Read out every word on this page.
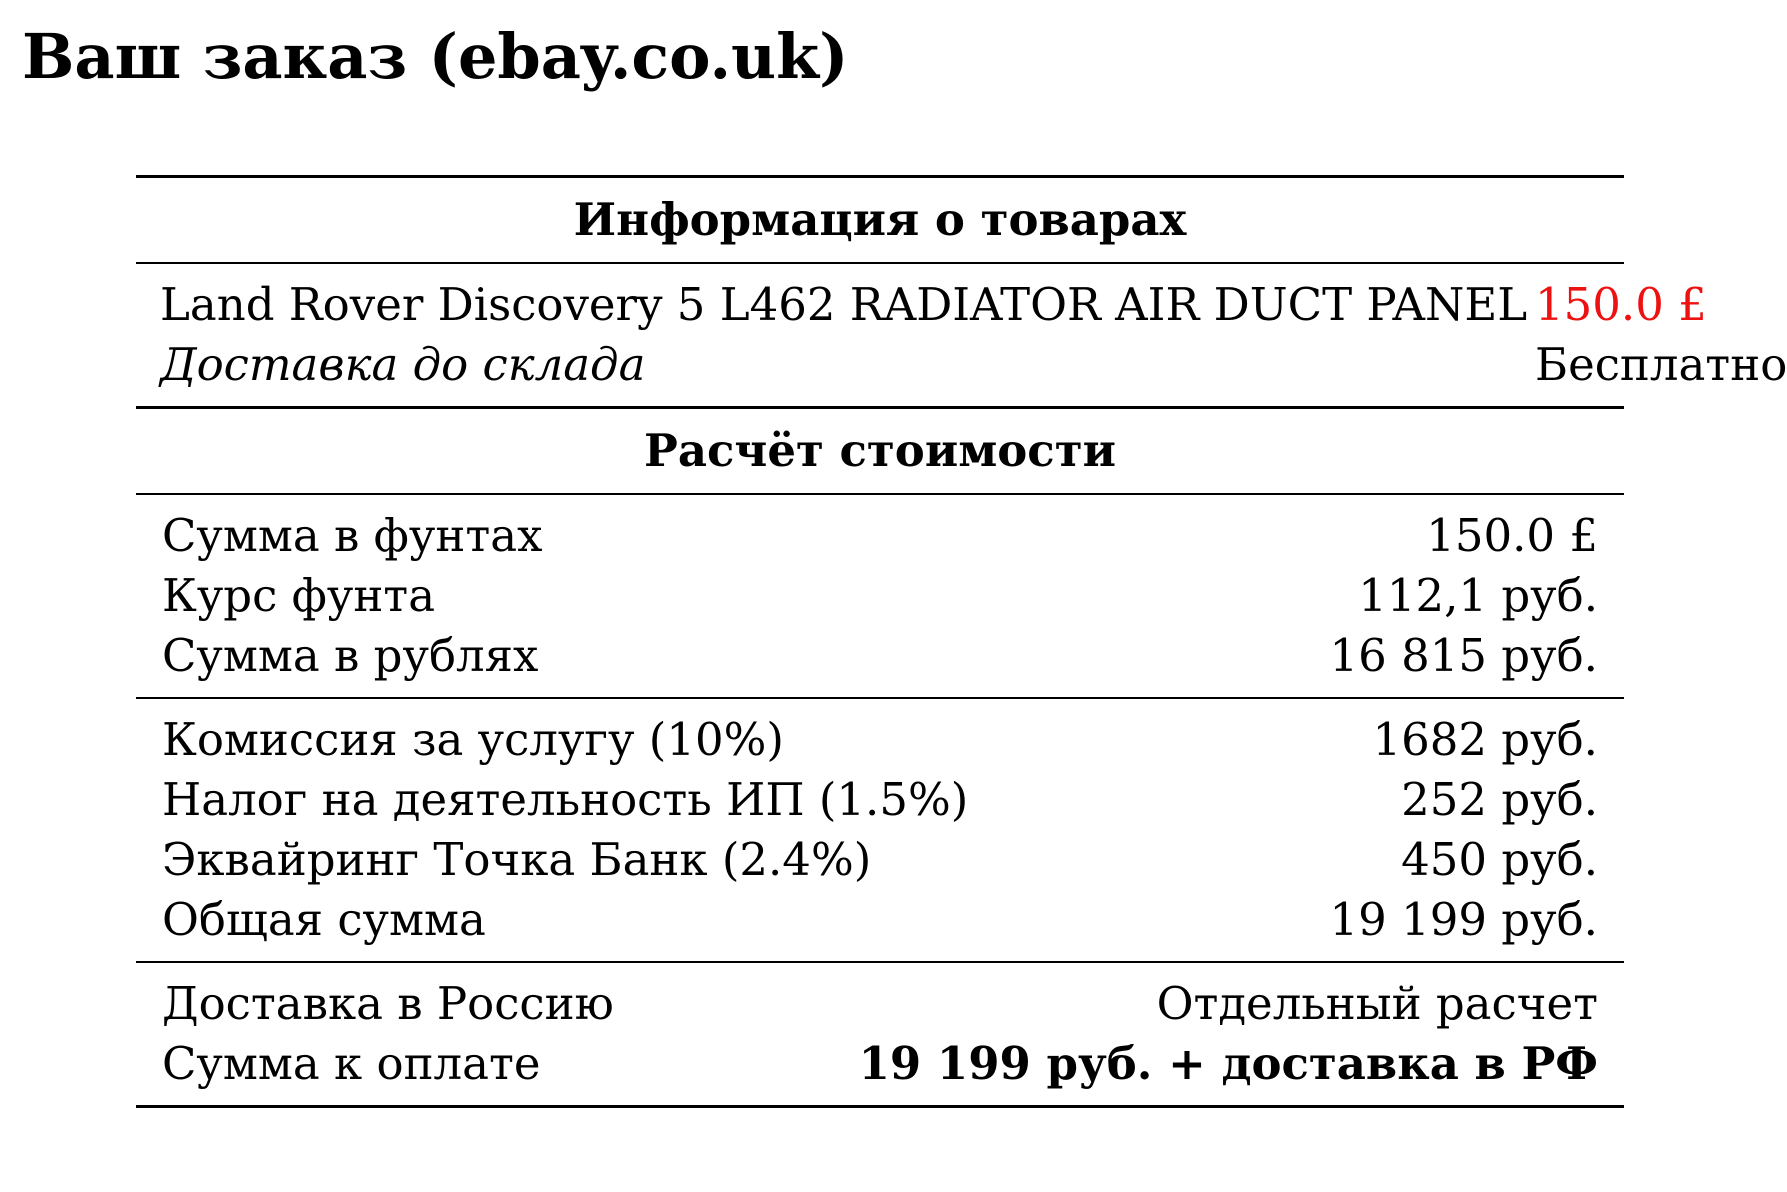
Ваш заказ (ebay.co.uk)
Информация о товарах
Land Rover Discovery 5 L462 RADIATOR AIR DUCT PANEL 150.0 £
Доставка до склада	Бесплатно
Расчёт стоимости
Сумма в фунтах	150.0 £
Курс фунта	112,1 руб.
Сумма в рублях	16 815 руб.
Комиссия за услугу (10%)	1682 руб.
Налог на деятельность ИП (1.5%)	252 руб.
Эквайринг Точка Банк (2.4%)	450 руб.
Общая сумма	19 199 руб.
Доставка в Россию	Отдельный расчет
Сумма к оплате	19 199 руб. + доставка в РФ
